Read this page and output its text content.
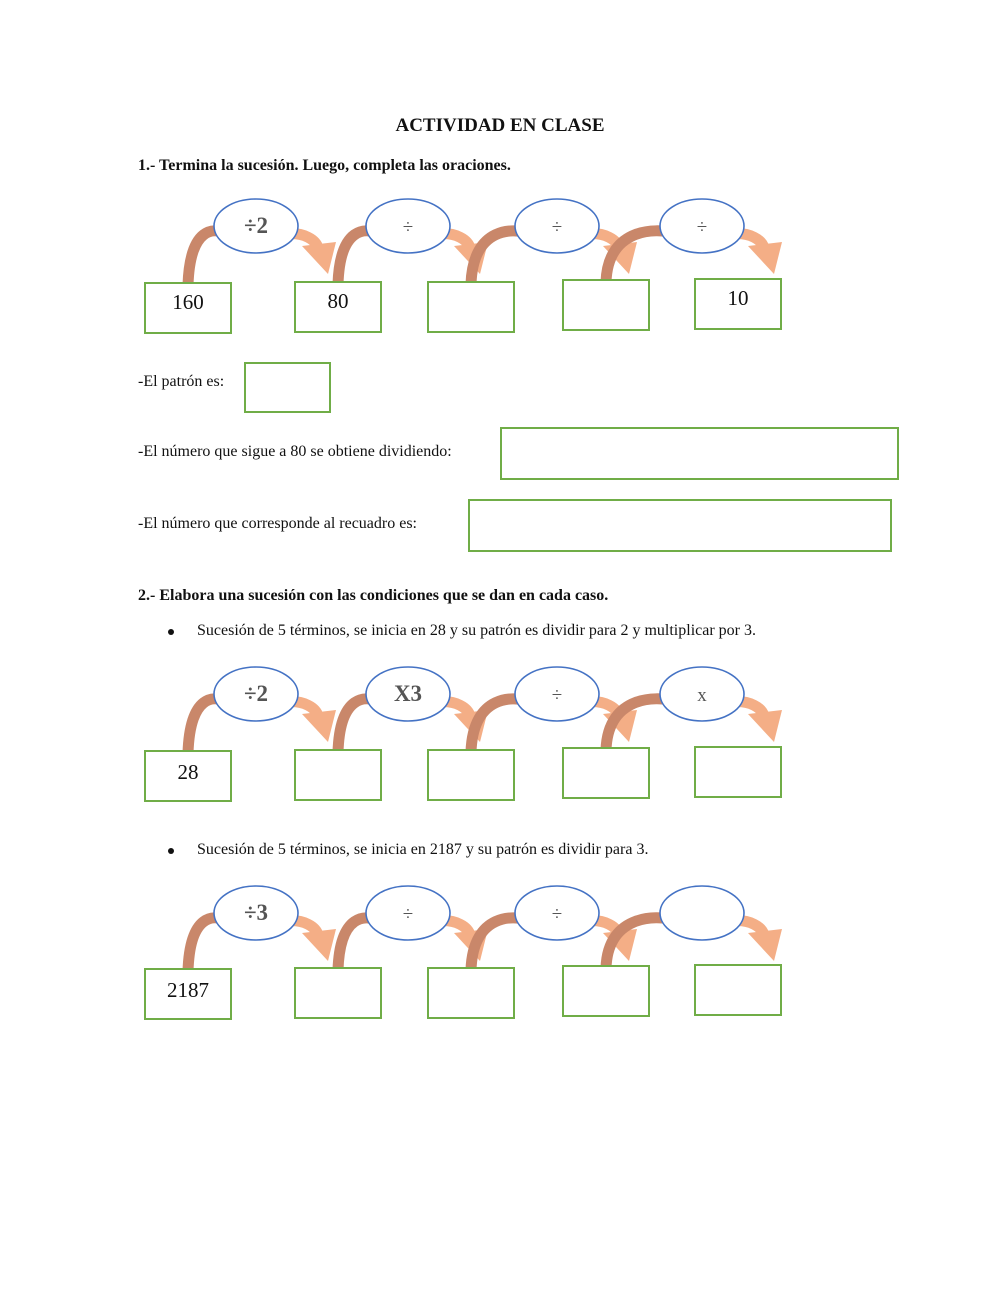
ACTIVIDAD EN CLASE
1.- Termina la sucesión. Luego, completa las oraciones.
÷2	÷	÷	÷
160	80	10
-El patrón es:
-El número que sigue a 80 se obtiene dividiendo:
-El número que corresponde al recuadro es:
2.- Elabora una sucesión con las condiciones que se dan en cada caso.
Sucesión de 5 términos, se inicia en 28 y su patrón es dividir para 2 y multiplicar por 3.
÷2	X3	÷	x
28
Sucesión de 5 términos, se inicia en 2187 y su patrón es dividir para 3.
÷3	÷	÷
2187
